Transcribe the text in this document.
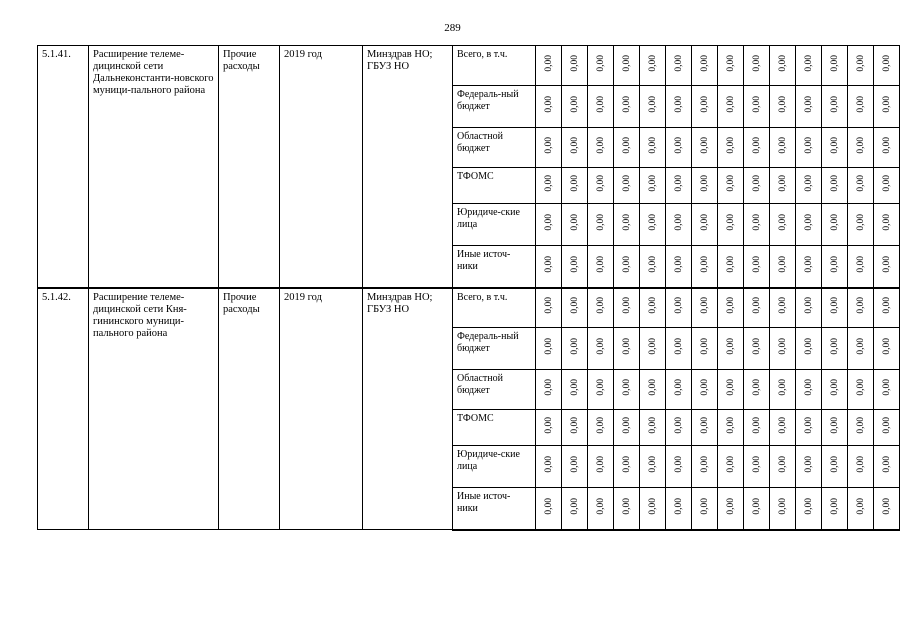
289
5.1.41.	Расширение телеме-дицинской сети Дальнеконстанти-новского муници-пального района	Прочие расходы	2019 год	Минздрав НО; ГБУЗ НО	Всего, в т.ч.	0,00	0,00	0,00	0,00	0,00	0,00	0,00	0,00	0,00	0,00	0,00	0,00	0,00	0,00
					Федераль-ный бюджет	0,00	0,00	0,00	0,00	0,00	0,00	0,00	0,00	0,00	0,00	0,00	0,00	0,00	0,00
					Областной бюджет	0,00	0,00	0,00	0,00	0,00	0,00	0,00	0,00	0,00	0,00	0,00	0,00	0,00	0,00
					ТФОМС	0,00	0,00	0,00	0,00	0,00	0,00	0,00	0,00	0,00	0,00	0,00	0,00	0,00	0,00
					Юридиче-ские лица	0,00	0,00	0,00	0,00	0,00	0,00	0,00	0,00	0,00	0,00	0,00	0,00	0,00	0,00
					Иные источ-ники	0,00	0,00	0,00	0,00	0,00	0,00	0,00	0,00	0,00	0,00	0,00	0,00	0,00	0,00
5.1.42.	Расширение телеме-дицинской сети Кня-гининского муници-пального района	Прочие расходы	2019 год	Минздрав НО; ГБУЗ НО	Всего, в т.ч.	0,00	0,00	0,00	0,00	0,00	0,00	0,00	0,00	0,00	0,00	0,00	0,00	0,00	0,00
					Федераль-ный бюджет	0,00	0,00	0,00	0,00	0,00	0,00	0,00	0,00	0,00	0,00	0,00	0,00	0,00	0,00
					Областной бюджет	0,00	0,00	0,00	0,00	0,00	0,00	0,00	0,00	0,00	0,00	0,00	0,00	0,00	0,00
					ТФОМС	0,00	0,00	0,00	0,00	0,00	0,00	0,00	0,00	0,00	0,00	0,00	0,00	0,00	0,00
					Юридиче-ские лица	0,00	0,00	0,00	0,00	0,00	0,00	0,00	0,00	0,00	0,00	0,00	0,00	0,00	0,00
					Иные источ-ники	0,00	0,00	0,00	0,00	0,00	0,00	0,00	0,00	0,00	0,00	0,00	0,00	0,00	0,00
